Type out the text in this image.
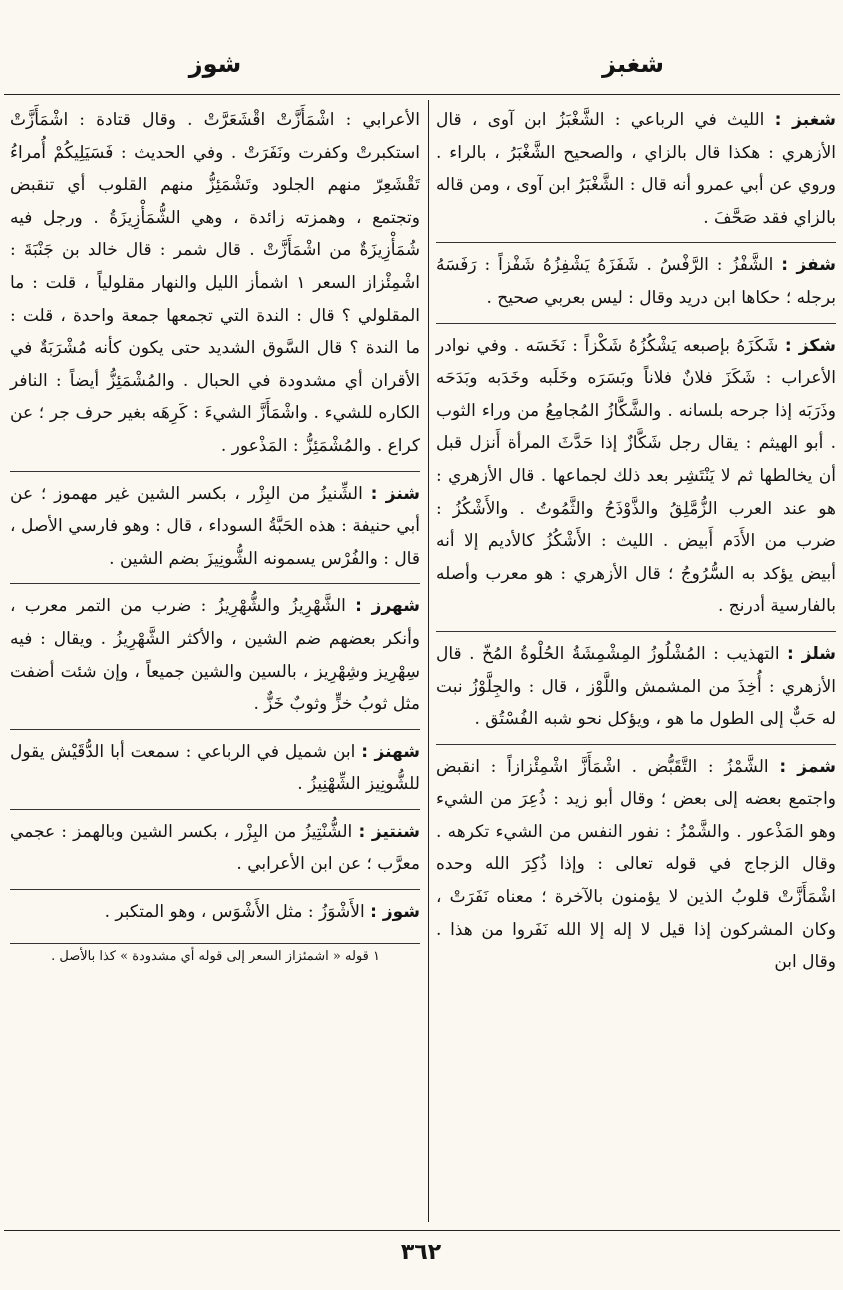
شغبز
شوز
شغبز : الليث في الرباعي : الشَّغْبَزُ ابن آوى ، قال الأزهري : هكذا قال بالزاي ، والصحيح الشَّغْبَرُ ، بالراء . وروي عن أبي عمرو أنه قال : الشَّغْبَرُ ابن آوى ، ومن قاله بالزاي فقد صَحَّفَ .
شفز : الشَّفْزُ : الرَّفْسُ . شَفَزَهُ يَشْفِزُهُ شَفْزاً : رَفَسَهُ برجله ؛ حكاها ابن دريد وقال : ليس بعربي صحيح .
شكز : شَكَزَهُ بإصبعه يَشْكُزُهُ شَكْزاً : نَخَسَه . وفي نوادر الأعراب : شَكَزَ فلانٌ فلاناً وبَسَرَه وخَلَبه وخَدَبه وبَدَحَه وذَرَبَه إذا جرحه بلسانه . والشَّكَّازُ المُجامِعُ من وراء الثوب . أبو الهيثم : يقال رجل شَكَّازٌ إذا حَدَّثَ المرأة أَنزل قبل أن يخالطها ثم لا يَنْتَشِر بعد ذلك لجماعها . قال الأزهري : هو عند العرب الزُّمَّلِقُ والذَّوْذَحُ والثَّمُوتُ . والأَشْكُزُ : ضرب من الأَدَم أَبيض . الليث : الأَشْكُزُ كالأديم إلا أنه أبيض يؤكد به السُّرُوجُ ؛ قال الأزهري : هو معرب وأصله بالفارسية أدرنج .
شلز : التهذيب : المُشْلُوزُ المِشْمِشَةُ الحُلْوةُ المُخّ . قال الأزهري : أُخِذَ من المشمش واللَّوْز ، قال : والجِلَّوْزُ نبت له حَبٌّ إلى الطول ما هو ، ويؤكل نحو شبه الفُسْتُق .
شمز : الشَّمْزُ : التَّقَبُّض . اشْمَأَزَّ اشْمِئْزازاً : انقبض واجتمع بعضه إلى بعض ؛ وقال أبو زيد : ذُعِرَ من الشيء وهو المَذْعور . والشَّمْزُ : نفور النفس من الشيء تكرهه . وقال الزجاج في قوله تعالى : وإذا ذُكِرَ الله وحده اشْمَأَزَّتْ قلوبُ الذين لا يؤمنون بالآخرة ؛ معناه نَفَرَتْ ، وكان المشركون إذا قيل لا إله إلا الله نَفَروا من هذا . وقال ابن
الأعرابي : اشْمَأَزَّتْ اقْشَعَرَّتْ . وقال قتادة : اشْمَأَزَّتْ استكبرتْ وكفرت ونَفَرَتْ . وفي الحديث : فَسَيَلِيكُمْ أُمراءُ تَقْشَعِرّ منهم الجلود وتَشْمَئِزُّ منهم القلوب أي تنقبض وتجتمع ، وهمزته زائدة ، وهي الشُّمَأْزِيزَةُ . ورجل فيه شُمَأْزِيزَةٌ من اشْمَأَزَّتْ . قال شمر : قال خالد بن جَنْبَةَ : اشْمِئْزاز السعر ١ اشمأز الليل والنهار مقلولياً ، قلت : ما المقلولي ؟ قال : الندة التي تجمعها جمعة واحدة ، قلت : ما الندة ؟ قال السَّوق الشديد حتى يكون كأنه مُشْرَبَةٌ في الأقران أي مشدودة في الحبال . والمُشْمَئِزُّ أيضاً : النافر الكاره للشيء . واشْمَأَزَّ الشيءَ : كَرِهَه بغير حرف جر ؛ عن كراع . والمُشْمَئِزُّ : المَذْعور .
شنز : الشِّنيزُ من البِزْر ، بكسر الشين غير مهموز ؛ عن أبي حنيفة : هذه الحَبَّةُ السوداء ، قال : وهو فارسي الأصل ، قال : والفُرْس يسمونه الشُّونِيزَ بضم الشين .
شهرز : الشَّهْرِيزُ والشُّهْرِيزُ : ضرب من التمر معرب ، وأنكر بعضهم ضم الشين ، والأكثر الشَّهْرِيزُ . ويقال : فيه سِهْرِيز وشِهْرِيز ، بالسين والشين جميعاً ، وإن شئت أضفت مثل ثوبُ خزٍّ وثوبٌ خَزٌّ .
شهنز : ابن شميل في الرباعي : سمعت أبا الدُّقَيْش يقول للشُّونِيز الشِّهْنِيزُ .
شنتيز : الشُّنْتِيزُ من البِزْر ، بكسر الشين وبالهمز : عجمي معرَّب ؛ عن ابن الأعرابي .
شوز : الأَشْوَزُ : مثل الأَشْوَس ، وهو المتكبر .
١ قوله « اشمئزاز السعر إلى قوله أي مشدودة » كذا بالأصل .
٣٦٢
